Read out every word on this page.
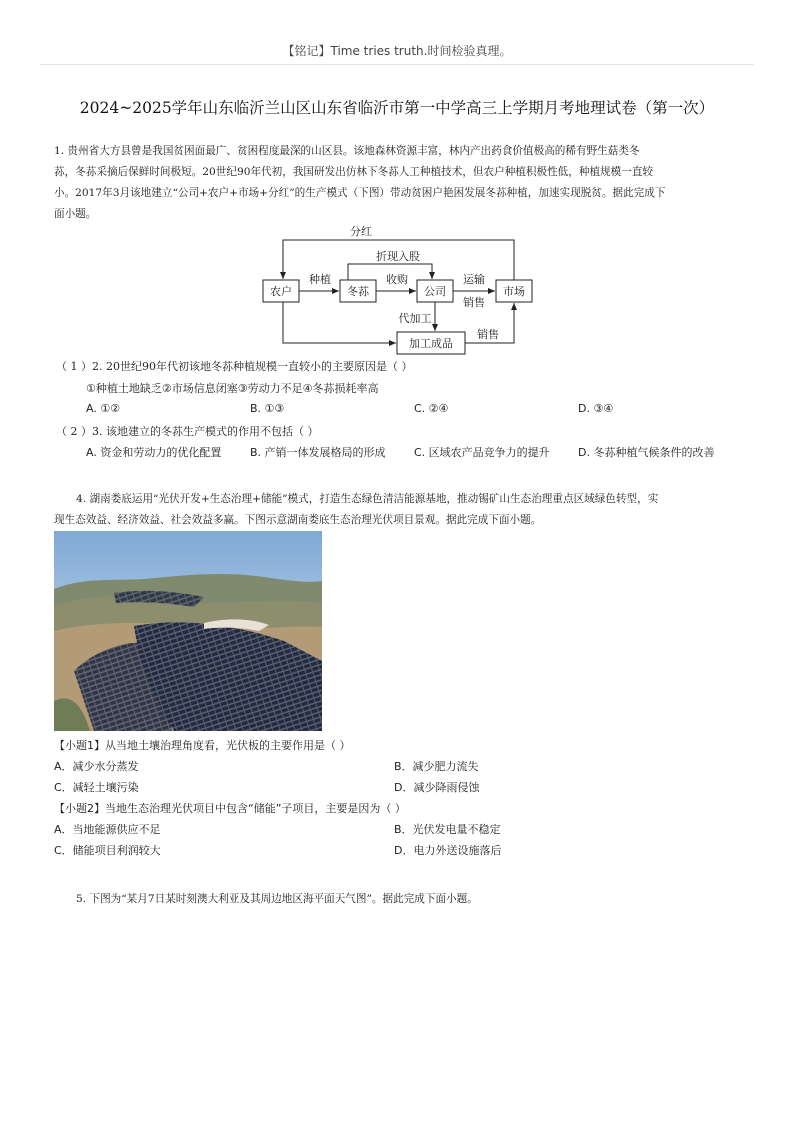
【铭记】Time tries truth.时间检验真理。
2024~2025学年山东临沂兰山区山东省临沂市第一中学高三上学期月考地理试卷（第一次）
1. 贵州省大方县曾是我国贫困面最广、贫困程度最深的山区县。该地森林资源丰富，林内产出药食价值极高的稀有野生菇类冬
荪，冬荪采摘后保鲜时间极短。20世纪90年代初，我国研发出仿林下冬荪人工种植技术，但农户种植积极性低，种植规模一直较
小。2017年3月该地建立“公司+农户+市场+分红”的生产模式（下图）带动贫困户艳困发展冬荪种植，加速实现脱贫。据此完成下
面小题。
农户	冬荪	公司	市场
加工成品
分红
折现入股
种植	收购	运输
销售
代加工
销售
（ 1 ）2. 20世纪90年代初该地冬荪种植规模一直较小的主要原因是（ ）
①种植土地缺乏②市场信息闭塞③劳动力不足④冬荪损耗率高
A. ①②	B. ①③	C. ②④	D. ③④
（ 2 ）3. 该地建立的冬荪生产模式的作用不包括（ ）
A. 资金和劳动力的优化配置	B. 产销一体发展格局的形成	C. 区域农产品竞争力的提升	D. 冬荪种植气候条件的改善
4. 湖南娄底运用“光伏开发+生态治理+储能”模式，打造生态绿色清洁能源基地，推动锡矿山生态治理重点区域绿色转型，实
现生态效益、经济效益、社会效益多赢。下图示意湖南娄底生态治理光伏项目景观。据此完成下面小题。
【小题1】从当地土壤治理角度看，光伏板的主要作用是（ ）
A．减少水分蒸发	B．减少肥力流失
C．减轻土壤污染	D．减少降雨侵蚀
【小题2】当地生态治理光伏项目中包含“储能”子项目，主要是因为（ ）
A．当地能源供应不足	B．光伏发电量不稳定
C．储能项目利润较大	D．电力外送设施落后
5. 下图为“某月7日某时刻澳大利亚及其周边地区海平面天气图”。据此完成下面小题。
